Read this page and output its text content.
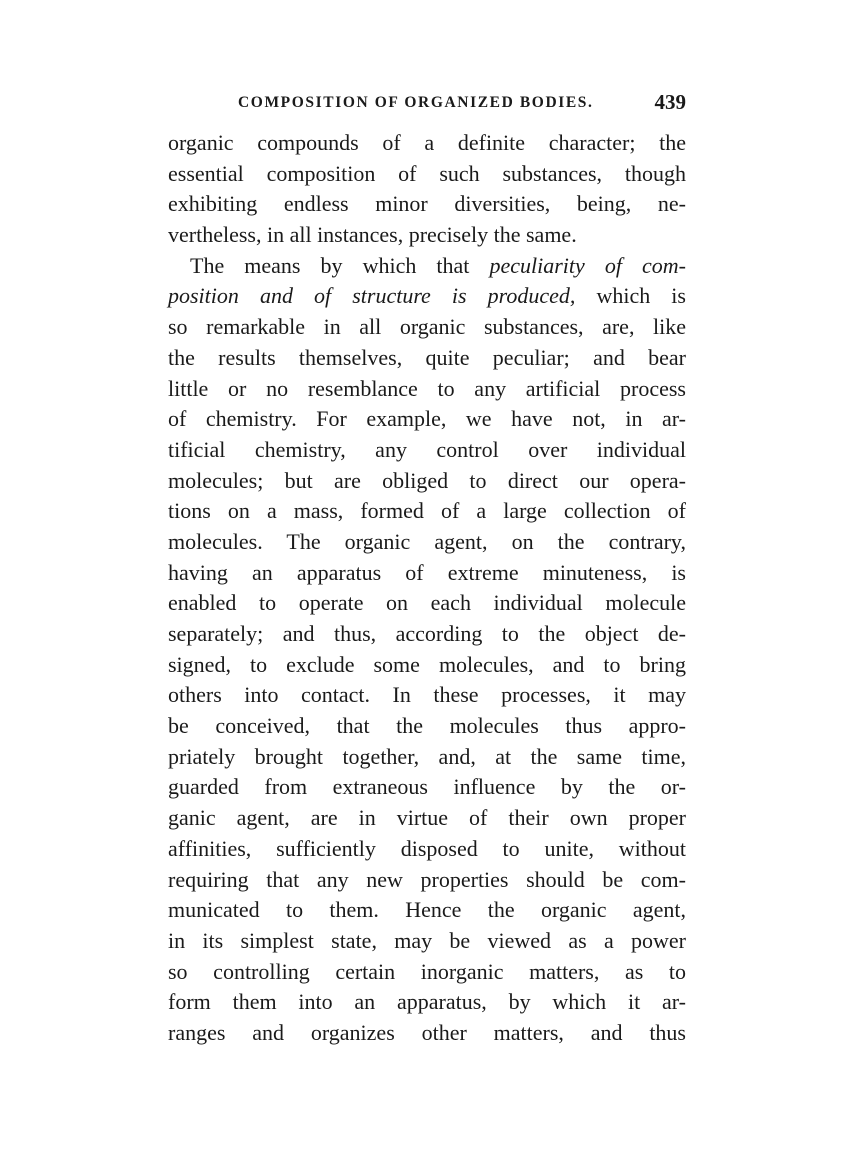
COMPOSITION OF ORGANIZED BODIES.	439
organic compounds of a definite character; the
essential composition of such substances, though
exhibiting endless minor diversities, being, ne-
vertheless, in all instances, precisely the same.
The means by which that peculiarity of com-
position and of structure is produced, which is
so remarkable in all organic substances, are, like
the results themselves, quite peculiar; and bear
little or no resemblance to any artificial process
of chemistry. For example, we have not, in ar-
tificial chemistry, any control over individual
molecules; but are obliged to direct our opera-
tions on a mass, formed of a large collection of
molecules. The organic agent, on the contrary,
having an apparatus of extreme minuteness, is
enabled to operate on each individual molecule
separately; and thus, according to the object de-
signed, to exclude some molecules, and to bring
others into contact. In these processes, it may
be conceived, that the molecules thus appro-
priately brought together, and, at the same time,
guarded from extraneous influence by the or-
ganic agent, are in virtue of their own proper
affinities, sufficiently disposed to unite, without
requiring that any new properties should be com-
municated to them. Hence the organic agent,
in its simplest state, may be viewed as a power
so controlling certain inorganic matters, as to
form them into an apparatus, by which it ar-
ranges and organizes other matters, and thus
